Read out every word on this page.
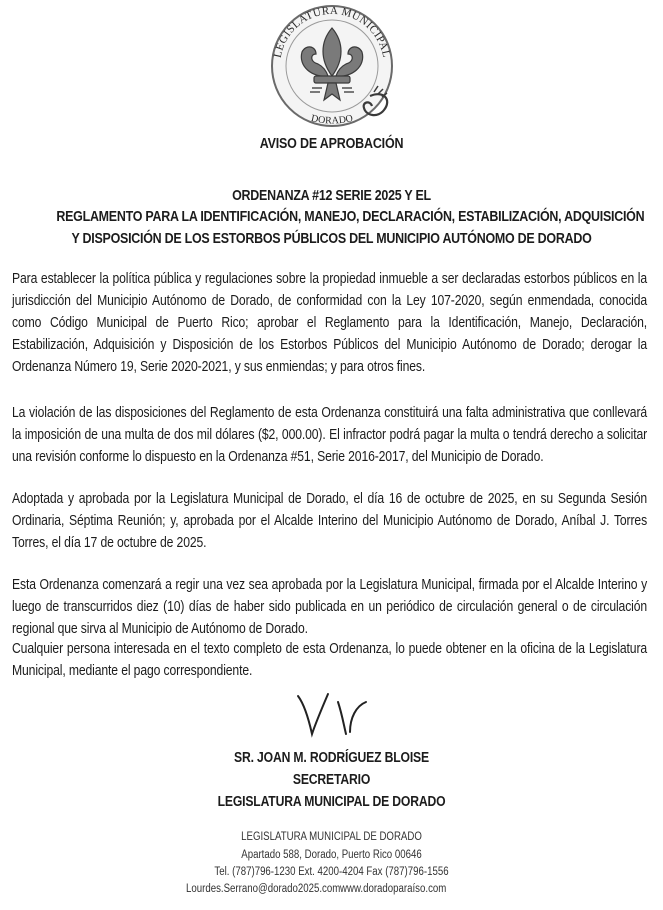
LEGISLATURA MUNICIPAL
DORADO
AVISO DE APROBACIÓN
ORDENANZA #12 SERIE 2025 Y EL
REGLAMENTO PARA LA IDENTIFICACIÓN, MANEJO, DECLARACIÓN, ESTABILIZACIÓN, ADQUISICIÓN
Y DISPOSICIÓN DE LOS ESTORBOS PÚBLICOS DEL MUNICIPIO AUTÓNOMO DE DORADO
Para establecer la política pública y regulaciones sobre la propiedad inmueble a ser declaradas estorbos públicos en la jurisdicción del Municipio Autónomo de Dorado, de conformidad con la Ley 107-2020, según enmendada, conocida como Código Municipal de Puerto Rico; aprobar el Reglamento para la Identificación, Manejo, Declaración, Estabilización, Adquisición y Disposición de los Estorbos Públicos del Municipio Autónomo de Dorado; derogar la Ordenanza Número 19, Serie 2020-2021, y sus enmiendas; y para otros fines.
La violación de las disposiciones del Reglamento de esta Ordenanza constituirá una falta administrativa que conllevará la imposición de una multa de dos mil dólares ($2, 000.00). El infractor podrá pagar la multa o tendrá derecho a solicitar una revisión conforme lo dispuesto en la Ordenanza #51, Serie 2016-2017, del Municipio de Dorado.
Adoptada y aprobada por la Legislatura Municipal de Dorado, el día 16 de octubre de 2025, en su Segunda Sesión Ordinaria, Séptima Reunión; y, aprobada por el Alcalde Interino del Municipio Autónomo de Dorado, Aníbal J. Torres Torres, el día 17 de octubre de 2025.
Esta Ordenanza comenzará a regir una vez sea aprobada por la Legislatura Municipal, firmada por el Alcalde Interino y luego de transcurridos diez (10) días de haber sido publicada en un periódico de circulación general o de circulación regional que sirva al Municipio de Autónomo de Dorado.
Cualquier persona interesada en el texto completo de esta Ordenanza, lo puede obtener en la oficina de la Legislatura Municipal, mediante el pago correspondiente.
SR. JOAN M. RODRÍGUEZ BLOISE
SECRETARIO
LEGISLATURA MUNICIPAL DE DORADO
LEGISLATURA MUNICIPAL DE DORADO
Apartado 588, Dorado, Puerto Rico 00646
Tel. (787)796-1230 Ext. 4200-4204 Fax (787)796-1556
Lourdes.Serrano@dorado2025.com www.doradoparaíso.com
